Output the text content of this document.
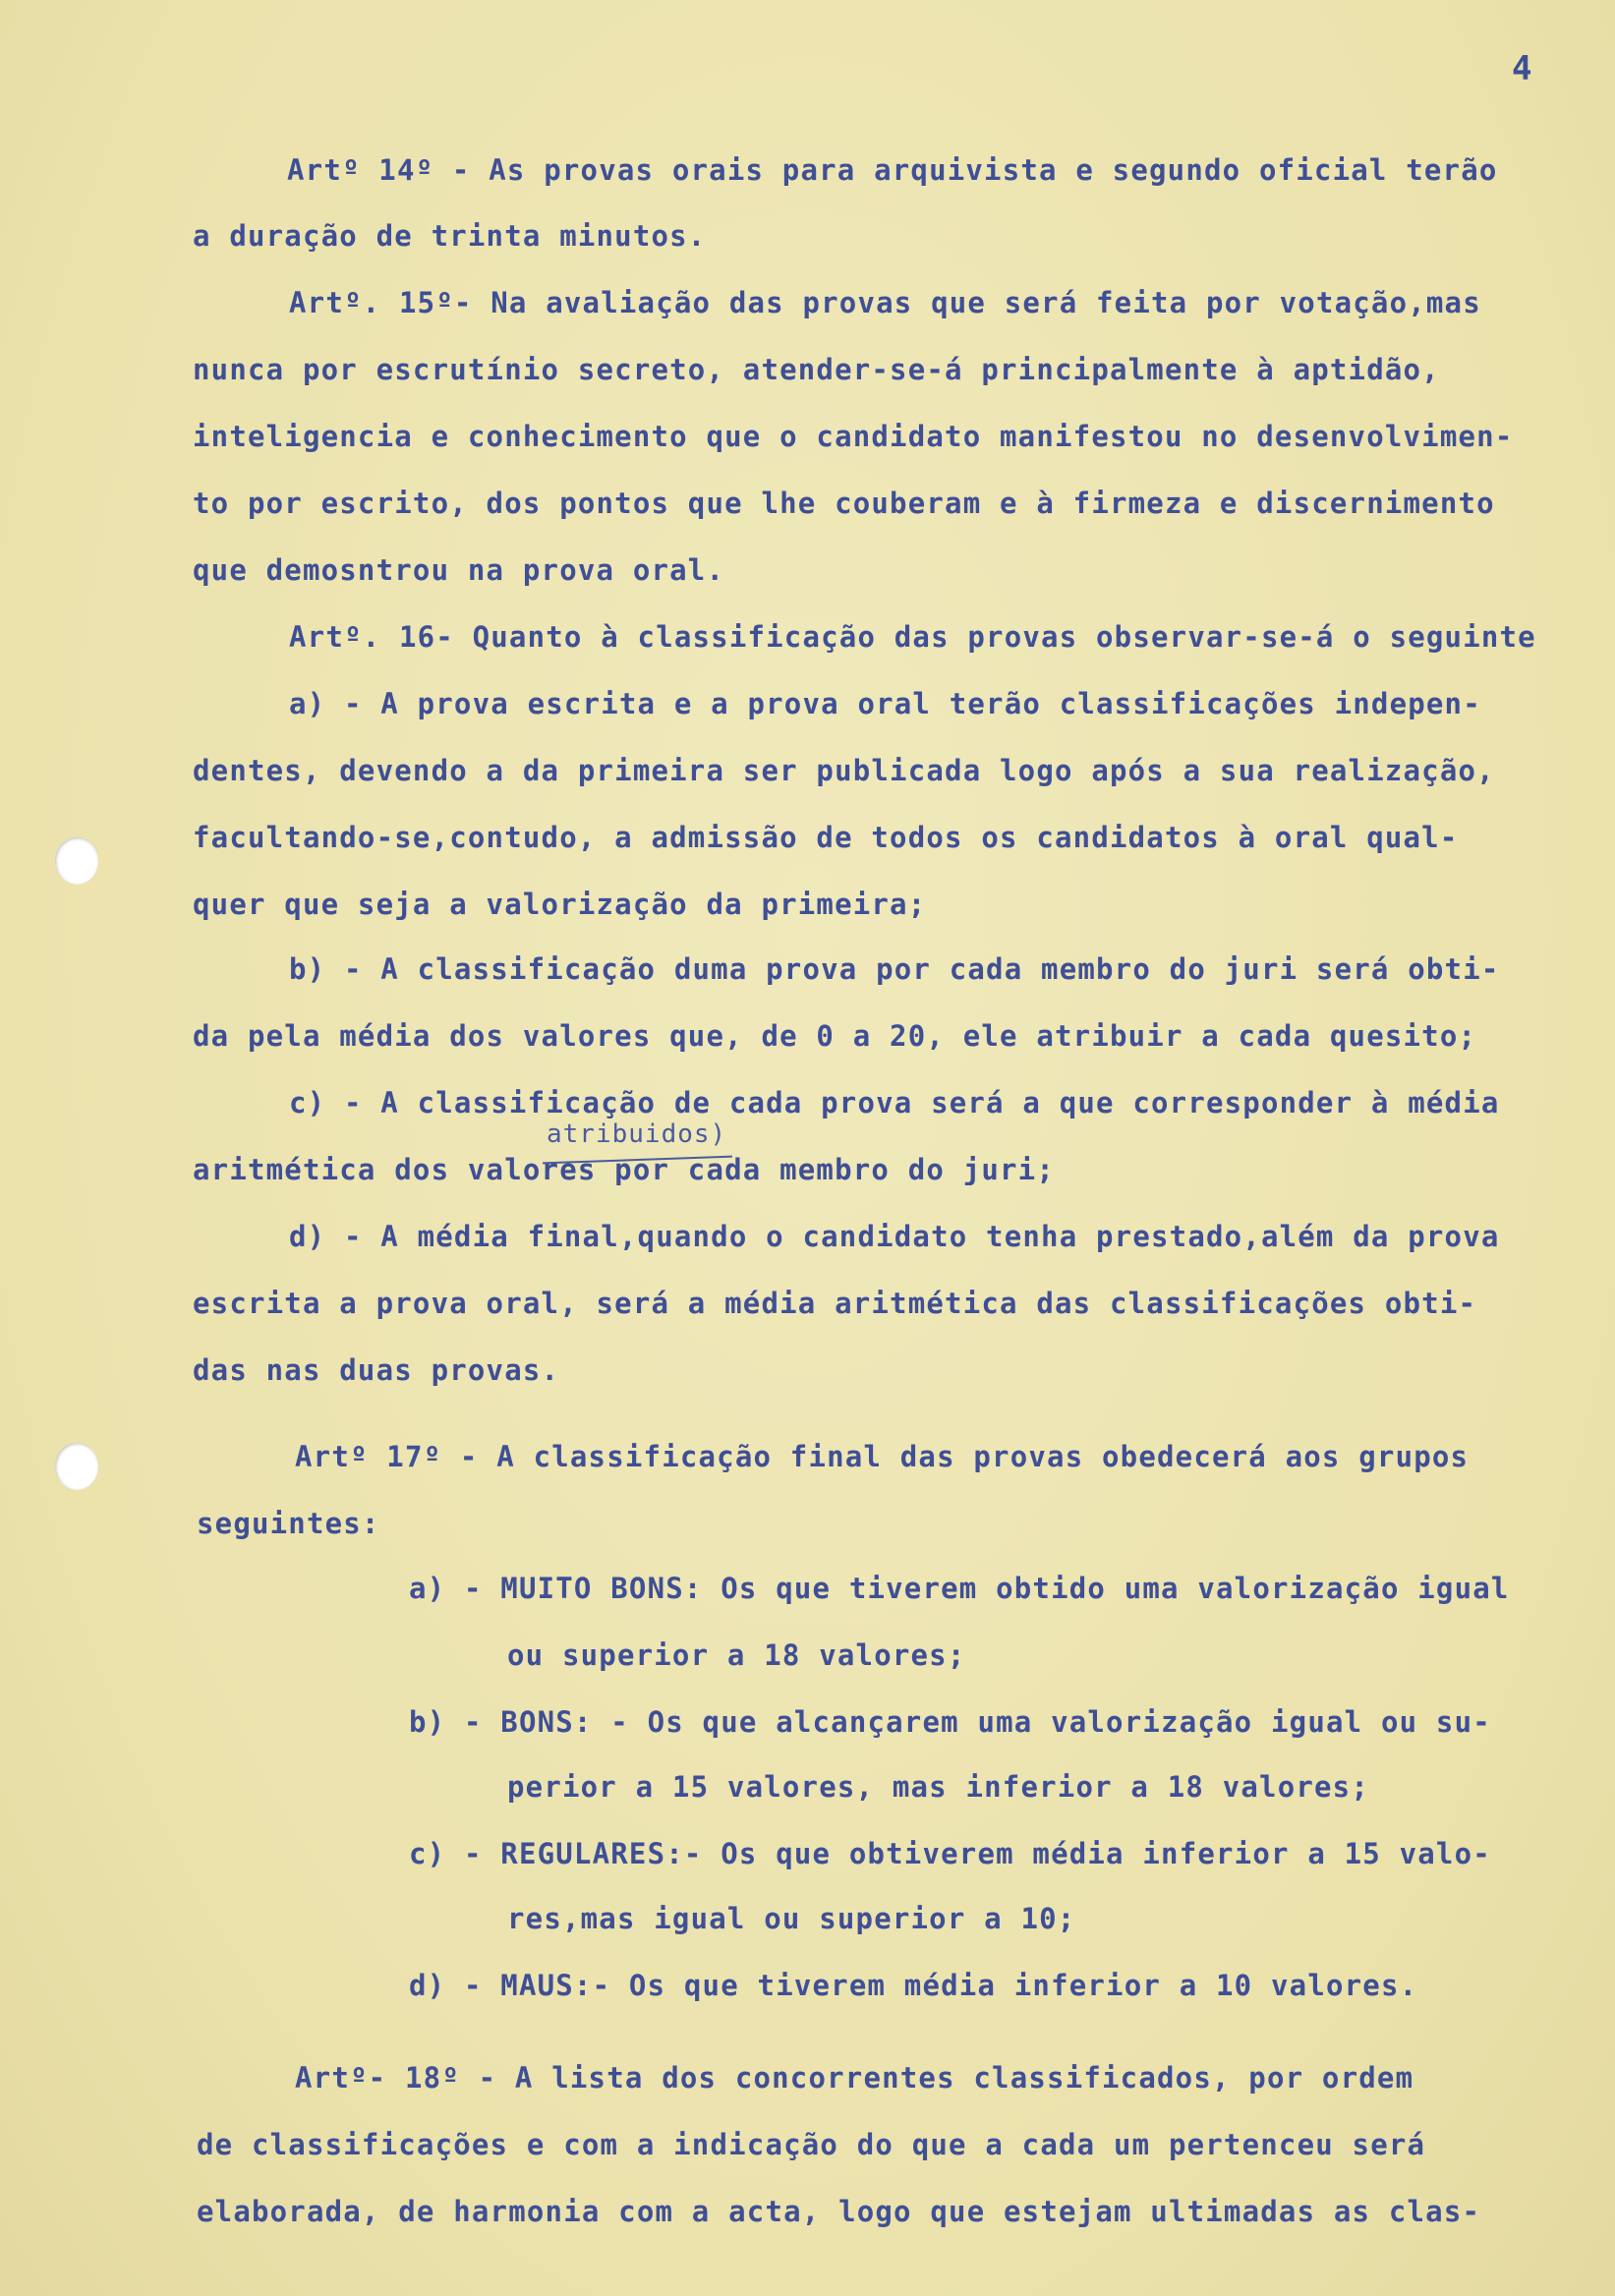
4
Artº 14º - As provas orais para arquivista e segundo oficial terão
a duração de trinta minutos.
Artº. 15º- Na avaliação das provas que será feita por votação,mas
nunca por escrutínio secreto, atender-se-á principalmente à aptidão,
inteligencia e conhecimento que o candidato manifestou no desenvolvimen-
to por escrito, dos pontos que lhe couberam e à firmeza e discernimento
que demosntrou na prova oral.
Artº. 16- Quanto à classificação das provas observar-se-á o seguinte
a) - A prova escrita e a prova oral terão classificações indepen-
dentes, devendo a da primeira ser publicada logo após a sua realização,
facultando-se,contudo, a admissão de todos os candidatos à oral qual-
quer que seja a valorização da primeira;
b) - A classificação duma prova por cada membro do juri será obti-
da pela média dos valores que, de 0 a 20, ele atribuir a cada quesito;
c) - A classificação de cada prova será a que corresponder à média
atribuidos)
aritmética dos valores por cada membro do juri;
d) - A média final,quando o candidato tenha prestado,além da prova
escrita a prova oral, será a média aritmética das classificações obti-
das nas duas provas.
Artº 17º - A classificação final das provas obedecerá aos grupos
seguintes:
a) - MUITO BONS: Os que tiverem obtido uma valorização igual
ou superior a 18 valores;
b) - BONS: - Os que alcançarem uma valorização igual ou su-
perior a 15 valores, mas inferior a 18 valores;
c) - REGULARES:- Os que obtiverem média inferior a 15 valo-
res,mas igual ou superior a 10;
d) - MAUS:- Os que tiverem média inferior a 10 valores.
Artº- 18º - A lista dos concorrentes classificados, por ordem
de classificações e com a indicação do que a cada um pertenceu será
elaborada, de harmonia com a acta, logo que estejam ultimadas as clas-
